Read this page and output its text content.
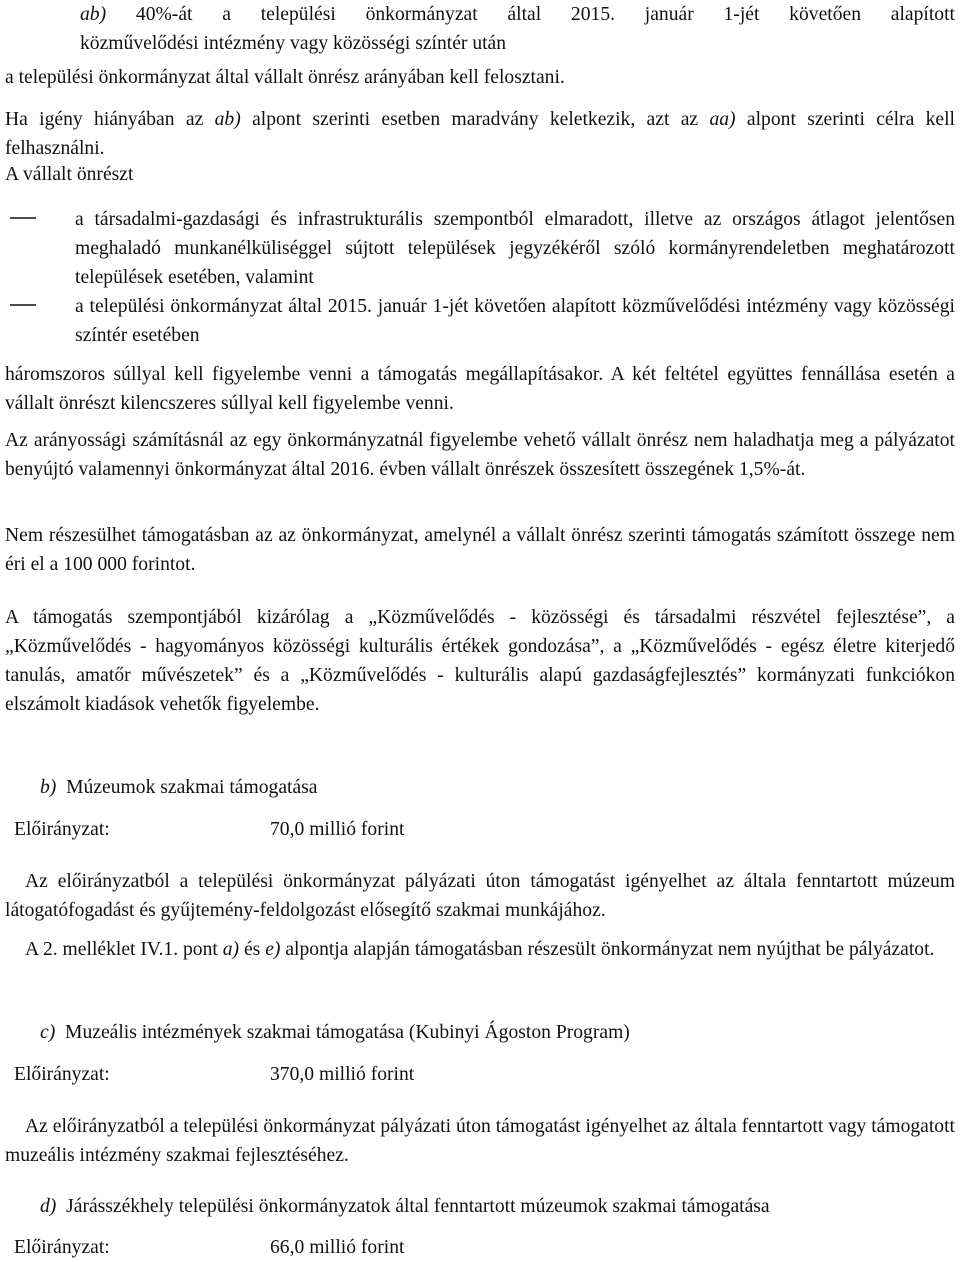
ab) 40%-át a települési önkormányzat által 2015. január 1-jét követően alapított
közművelődési intézmény vagy közösségi színtér után
a települési önkormányzat által vállalt önrész arányában kell felosztani.
Ha igény hiányában az ab) alpont szerinti esetben maradvány keletkezik, azt az aa) alpont szerinti célra kell felhasználni.
A vállalt önrészt
a társadalmi-gazdasági és infrastrukturális szempontból elmaradott, illetve az országos átlagot jelentősen meghaladó munkanélküliséggel sújtott települések jegyzékéről szóló kormányrendeletben meghatározott települések esetében, valamint
a települési önkormányzat által 2015. január 1-jét követően alapított közművelődési intézmény vagy közösségi színtér esetében
háromszoros súllyal kell figyelembe venni a támogatás megállapításakor. A két feltétel együttes fennállása esetén a vállalt önrészt kilencszeres súllyal kell figyelembe venni.
Az arányossági számításnál az egy önkormányzatnál figyelembe vehető vállalt önrész nem haladhatja meg a pályázatot benyújtó valamennyi önkormányzat által 2016. évben vállalt önrészek összesített összegének 1,5%-át.
Nem részesülhet támogatásban az az önkormányzat, amelynél a vállalt önrész szerinti támogatás számított összege nem éri el a 100 000 forintot.
A támogatás szempontjából kizárólag a „Közművelődés - közösségi és társadalmi részvétel fejlesztése”, a „Közművelődés - hagyományos közösségi kulturális értékek gondozása”, a „Közművelődés - egész életre kiterjedő tanulás, amatőr művészetek” és a „Közművelődés - kulturális alapú gazdaságfejlesztés” kormányzati funkciókon elszámolt kiadások vehetők figyelembe.
b) Múzeumok szakmai támogatása
Előirányzat:	70,0 millió forint
Az előirányzatból a települési önkormányzat pályázati úton támogatást igényelhet az általa fenntartott múzeum látogatófogadást és gyűjtemény-feldolgozást elősegítő szakmai munkájához.
A 2. melléklet IV.1. pont a) és e) alpontja alapján támogatásban részesült önkormányzat nem nyújthat be pályázatot.
c) Muzeális intézmények szakmai támogatása (Kubinyi Ágoston Program)
Előirányzat:	370,0 millió forint
Az előirányzatból a települési önkormányzat pályázati úton támogatást igényelhet az általa fenntartott vagy támogatott muzeális intézmény szakmai fejlesztéséhez.
d) Járásszékhely települési önkormányzatok által fenntartott múzeumok szakmai támogatása
Előirányzat:	66,0 millió forint
